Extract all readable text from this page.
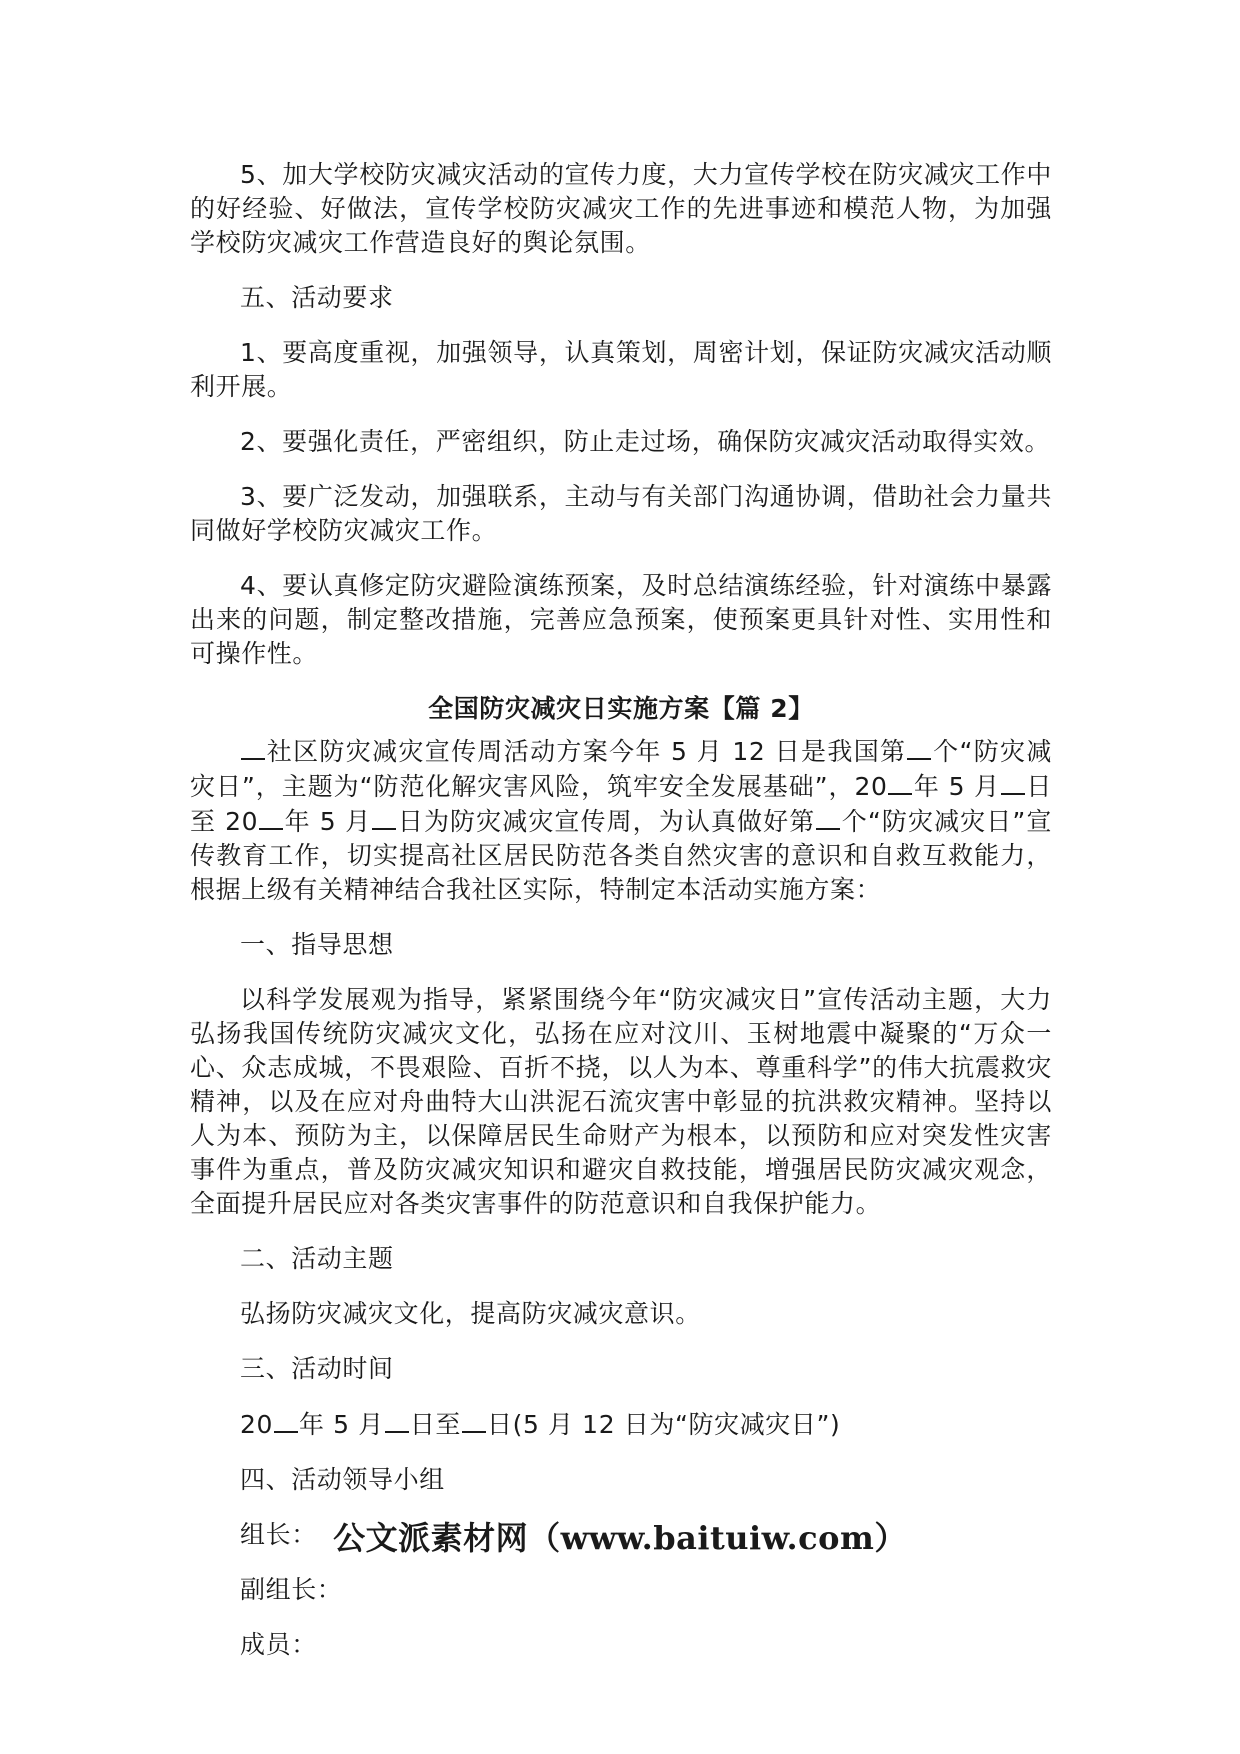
5、加大学校防灾减灾活动的宣传力度，大力宣传学校在防灾减灾工作中的好经验、好做法，宣传学校防灾减灾工作的先进事迹和模范人物，为加强学校防灾减灾工作营造良好的舆论氛围。

五、活动要求

1、要高度重视，加强领导，认真策划，周密计划，保证防灾减灾活动顺利开展。

2、要强化责任，严密组织，防止走过场，确保防灾减灾活动取得实效。

3、要广泛发动，加强联系，主动与有关部门沟通协调，借助社会力量共同做好学校防灾减灾工作。

4、要认真修定防灾避险演练预案，及时总结演练经验，针对演练中暴露出来的问题，制定整改措施，完善应急预案，使预案更具针对性、实用性和可操作性。

全国防灾减灾日实施方案【篇 2】

社区防灾减灾宣传周活动方案今年 5 月 12 日是我国第 个“防灾减灾日”，主题为“防范化解灾害风险，筑牢安全发展基础”，20 年 5 月 日至 20 年 5 月 日为防灾减灾宣传周，为认真做好第 个“防灾减灾日”宣传教育工作，切实提高社区居民防范各类自然灾害的意识和自救互救能力，根据上级有关精神结合我社区实际，特制定本活动实施方案：

一、指导思想

以科学发展观为指导，紧紧围绕今年“防灾减灾日”宣传活动主题，大力弘扬我国传统防灾减灾文化，弘扬在应对汶川、玉树地震中凝聚的“万众一心、众志成城，不畏艰险、百折不挠，以人为本、尊重科学”的伟大抗震救灾精神，以及在应对舟曲特大山洪泥石流灾害中彰显的抗洪救灾精神。坚持以人为本、预防为主，以保障居民生命财产为根本，以预防和应对突发性灾害事件为重点，普及防灾减灾知识和避灾自救技能，增强居民防灾减灾观念，全面提升居民应对各类灾害事件的防范意识和自我保护能力。

二、活动主题

弘扬防灾减灾文化，提高防灾减灾意识。

三、活动时间

20 年 5 月 日至 日(5 月 12 日为“防灾减灾日”)

四、活动领导小组

组长：

副组长：

成员：

公文派素材网（www.baituiw.com）
